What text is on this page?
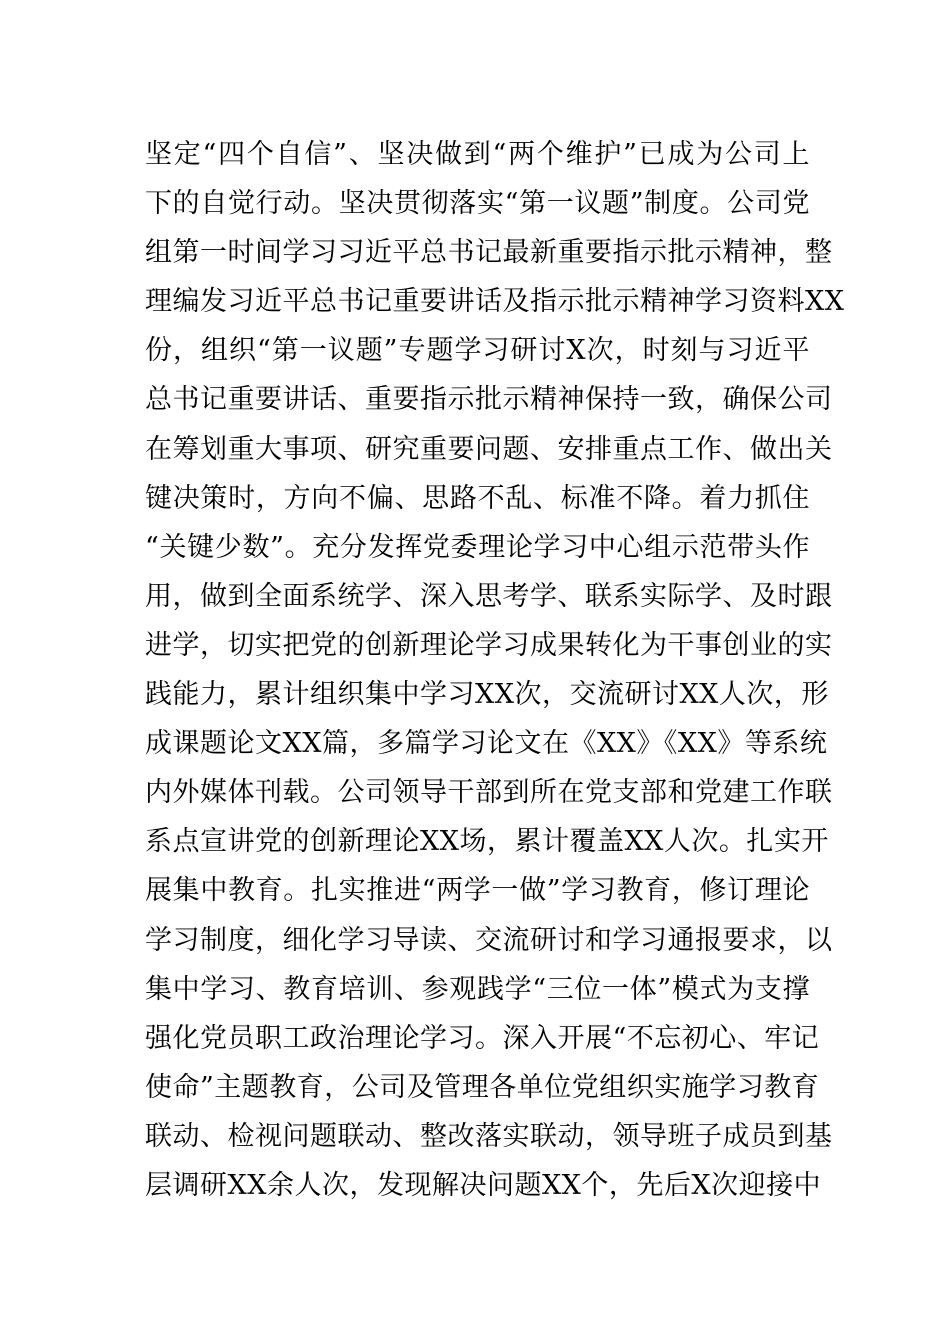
坚定“四个自信”、坚决做到“两个维护”已成为公司上
下的自觉行动。坚决贯彻落实“第一议题”制度。公司党
组第一时间学习习近平总书记最新重要指示批示精神，整
理编发习近平总书记重要讲话及指示批示精神学习资料XX
份，组织“第一议题”专题学习研讨X次，时刻与习近平
总书记重要讲话、重要指示批示精神保持一致，确保公司
在筹划重大事项、研究重要问题、安排重点工作、做出关
键决策时，方向不偏、思路不乱、标准不降。着力抓住
“关键少数”。充分发挥党委理论学习中心组示范带头作
用，做到全面系统学、深入思考学、联系实际学、及时跟
进学，切实把党的创新理论学习成果转化为干事创业的实
践能力，累计组织集中学习XX次，交流研讨XX人次，形
成课题论文XX篇，多篇学习论文在《XX》《XX》等系统
内外媒体刊载。公司领导干部到所在党支部和党建工作联
系点宣讲党的创新理论XX场，累计覆盖XX人次。扎实开
展集中教育。扎实推进“两学一做”学习教育，修订理论
学习制度，细化学习导读、交流研讨和学习通报要求，以
集中学习、教育培训、参观践学“三位一体”模式为支撑
强化党员职工政治理论学习。深入开展“不忘初心、牢记
使命”主题教育，公司及管理各单位党组织实施学习教育
联动、检视问题联动、整改落实联动，领导班子成员到基
层调研XX余人次，发现解决问题XX个，先后X次迎接中
